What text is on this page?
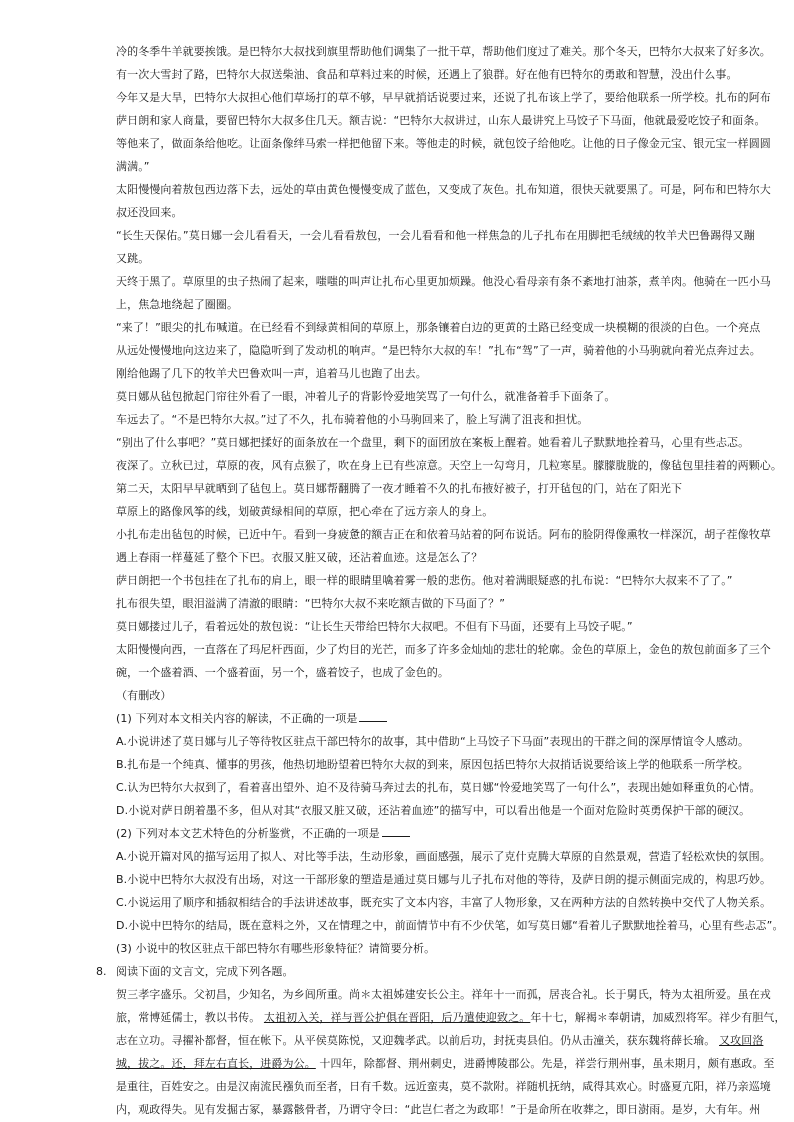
冷的冬季牛羊就要挨饿。是巴特尔大叔找到旗里帮助他们调集了一批干草，帮助他们度过了难关。那个冬天，巴特尔大叔来了好多次。
有一次大雪封了路，巴特尔大叔送柴油、食品和草料过来的时候，还遇上了狼群。好在他有巴特尔的勇敢和智慧，没出什么事。
今年又是大旱，巴特尔大叔担心他们草场打的草不够，早早就捎话说要过来，还说了扎布该上学了，要给他联系一所学校。扎布的阿布
萨日朗和家人商量，要留巴特尔大叔多住几天。额吉说：“巴特尔大叔讲过，山东人最讲究上马饺子下马面，他就最爱吃饺子和面条。
等他来了，做面条给他吃。让面条像绊马索一样把他留下来。等他走的时候，就包饺子给他吃。让他的日子像金元宝、银元宝一样圆圆
满满。”
太阳慢慢向着敖包西边落下去，远处的草由黄色慢慢变成了蓝色，又变成了灰色。扎布知道，很快天就要黑了。可是，阿布和巴特尔大
叔还没回来。
“长生天保佑。”莫日娜一会儿看看天，一会儿看看敖包，一会儿看看和他一样焦急的儿子扎布在用脚把毛绒绒的牧羊犬巴鲁踢得又蹦
又跳。
天终于黑了。草原里的虫子热闹了起来，嗤嗤的叫声让扎布心里更加烦躁。他没心看母亲有条不紊地打油茶，煮羊肉。他骑在一匹小马
上，焦急地绕起了圈圈。
“来了！”眼尖的扎布喊道。在已经看不到绿黄相间的草原上，那条镶着白边的更黄的土路已经变成一块模糊的很淡的白色。一个亮点
从远处慢慢地向这边来了，隐隐听到了发动机的响声。“是巴特尔大叔的车！”扎布“驾”了一声，骑着他的小马驹就向着光点奔过去。
刚给他踢了几下的牧羊犬巴鲁欢叫一声，追着马儿也跑了出去。
莫日娜从毡包掀起门帘往外看了一眼，冲着儿子的背影怜爱地笑骂了一句什么，就准备着手下面条了。
车远去了。“不是巴特尔大叔。”过了不久，扎布骑着他的小马驹回来了，脸上写满了沮丧和担忧。
“别出了什么事吧？”莫日娜把揉好的面条放在一个盘里，剩下的面团放在案板上醒着。她看着儿子默默地拴着马，心里有些忐忑。
夜深了。立秋已过，草原的夜，风有点猴了，吹在身上已有些凉意。天空上一勾弯月，几粒寒星。朦朦胧胧的，像毡包里挂着的两颗心。
第二天，太阳早早就晒到了毡包上。莫日娜帮翻腾了一夜才睡着不久的扎布掖好被子，打开毡包的门，站在了阳光下
草原上的路像风筝的线，划破黄绿相间的草原，把心牵在了远方亲人的身上。
小扎布走出毡包的时候，已近中午。看到一身疲惫的额吉正在和依着马站着的阿布说话。阿布的脸阴得像熏牧一样深沉，胡子茬像牧草
遇上春雨一样蔓延了整个下巴。衣服又脏又破，还沾着血迹。这是怎么了？
萨日朗把一个书包挂在了扎布的肩上，眼一样的眼睛里噙着雾一般的悲伤。他对着满眼疑惑的扎布说：“巴特尔大叔来不了了。”
扎布很失望，眼泪溢满了清澈的眼睛：“巴特尔大叔不来吃额吉做的下马面了？”
莫日娜搂过儿子，看着远处的敖包说：“让长生天带给巴特尔大叔吧。不但有下马面，还要有上马饺子呢。”
太阳慢慢向西，一直落在了玛尼杆西面，少了灼目的光芒，而多了许多金灿灿的悲壮的轮廓。金色的草原上，金色的敖包前面多了三个
碗，一个盛着酒、一个盛着面，另一个，盛着饺子，也成了金色的。
（有删改）
(1) 下列对本文相关内容的解读，不正确的一项是
A.小说讲述了莫日娜与儿子等待牧区驻点干部巴特尔的故事，其中借助“上马饺子下马面”表现出的干群之间的深厚情谊令人感动。
B.扎布是一个纯真、懂事的男孩，他热切地盼望着巴特尔大叔的到来，原因包括巴特尔大叔捎话说要给该上学的他联系一所学校。
C.认为巴特尔大叔到了，看着喜出望外、迫不及待骑马奔过去的扎布，莫日娜“怜爱地笑骂了一句什么”，表现出她如释重负的心情。
D.小说对萨日朗着墨不多，但从对其“衣服又脏又破，还沾着血迹”的描写中，可以看出他是一个面对危险时英勇保护干部的硬汉。
(2) 下列对本文艺术特色的分析鉴赏，不正确的一项是
A.小说开篇对风的描写运用了拟人、对比等手法，生动形象，画面感强，展示了克什克腾大草原的自然景观，营造了轻松欢快的氛围。
B.小说中巴特尔大叔没有出场，对这一干部形象的塑造是通过莫日娜与儿子扎布对他的等待，及萨日朗的提示侧面完成的，构思巧妙。
C.小说运用了顺序和插叙相结合的手法讲述故事，既充实了文本内容，丰富了人物形象，又在两种方法的自然转换中交代了人物关系。
D.小说中巴特尔的结局，既在意料之外，又在情理之中，前面情节中有不少伏笔，如写莫日娜“看着儿子默默地拴着马，心里有些忐忑”。
(3) 小说中的牧区驻点干部巴特尔有哪些形象特征？请简要分析。
8. 阅读下面的文言文，完成下列各题。
贺三孝字盛乐。父初昌，少知名，为乡闾所重。尚＊太祖姊建安长公主。祥年十一而孤，居丧合礼。长于舅氏，特为太祖所爱。虽在戎
旅，常博延儒士，教以书传。 太祖初入关，祥与晋公护俱在晋阳，后乃遣使迎致之。年十七，解褐＊奉朝请，加威烈将军。祥少有胆气，
志在立功。寻擢补都督，恒在帐下。从平侯莫陈悦，又迎魏孝武。以前后功，封抚夷县伯。仍从击潼关，获东魏将薛长瑜。 又攻回洛
城，拔之。还，拜左右直长，进爵为公。 十四年，除都督、荆州刺史，进爵博陵郡公。先是，祥尝行荆州事，虽未期月，颇有惠政。至
是重往，百姓安之。由是汉南流民襁负而至者，日有千数。远近蛮夷，莫不款附。祥随机抚纳，咸得其欢心。时盛夏亢阳，祥乃亲巡境
内，观政得失。见有发掘古冢，暴露骸骨者，乃谓守令曰：“此岂仁者之为政耶！”于是命所在收葬之，即日澍雨。是岁，大有年。州
